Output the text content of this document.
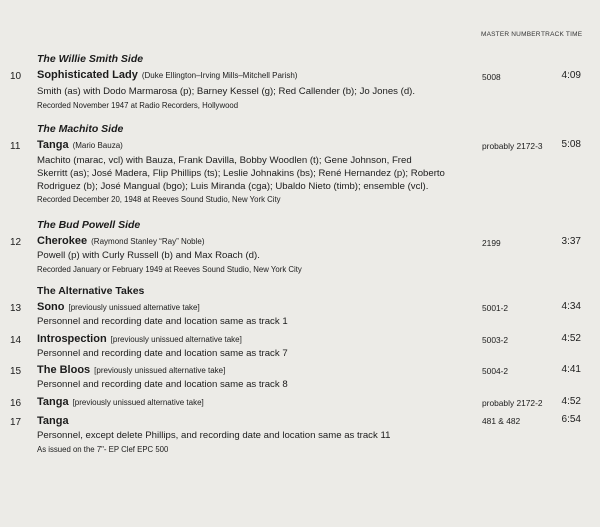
MASTER NUMBER TRACK TIME
The Willie Smith Side
10 Sophisticated Lady (Duke Ellington–Irving Mills–Mitchell Parish)
Smith (as) with Dodo Marmarosa (p); Barney Kessel (g); Red Callender (b); Jo Jones (d).
Recorded November 1947 at Radio Recorders, Hollywood
5008	4:09
The Machito Side
11 Tanga (Mario Bauza)
Machito (marac, vcl) with Bauza, Frank Davilla, Bobby Woodlen (t); Gene Johnson, Fred
Skerritt (as); José Madera, Flip Phillips (ts); Leslie Johnakins (bs); René Hernandez (p); Roberto
Rodriguez (b); José Mangual (bgo); Luis Miranda (cga); Ubaldo Nieto (timb); ensemble (vcl).
Recorded December 20, 1948 at Reeves Sound Studio, New York City
probably 2172-3 5:08
The Bud Powell Side
12 Cherokee (Raymond Stanley “Ray” Noble)
Powell (p) with Curly Russell (b) and Max Roach (d).
Recorded January or February 1949 at Reeves Sound Studio, New York City
2199	3:37
The Alternative Takes
13 Sono [previously unissued alternative take]
Personnel and recording date and location same as track 1
5001-2	4:34
14 Introspection [previously unissued alternative take]
Personnel and recording date and location same as track 7
5003-2	4:52
15 The Bloos [previously unissued alternative take]
Personnel and recording date and location same as track 8
5004-2	4:41
16 Tanga [previously unissued alternative take]	probably 2172-2 4:52
17 Tanga
Personnel, except delete Phillips, and recording date and location same as track 11
As issued on the 7"- EP Clef EPC 500
481 & 482	6:54
